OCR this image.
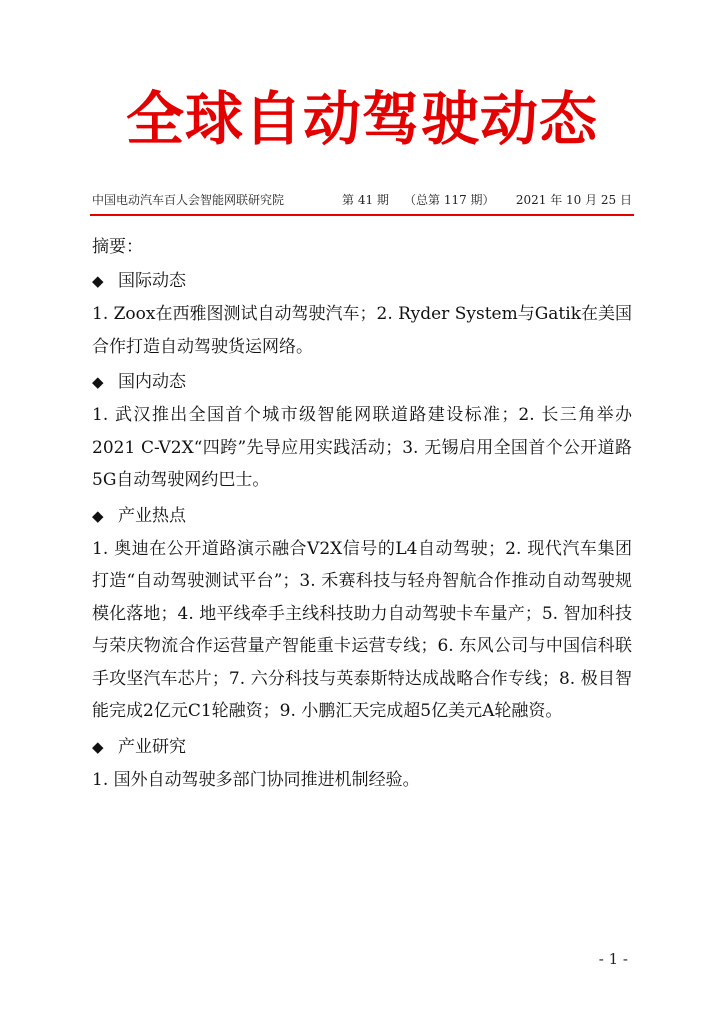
全球自动驾驶动态
中国电动汽车百人会智能网联研究院	第 41 期 （总第 117 期） 2021 年 10 月 25 日

摘要：

◆ 国际动态

1. Zoox在西雅图测试自动驾驶汽车；2. Ryder System与Gatik在美国合作打造自动驾驶货运网络。

◆ 国内动态

1. 武汉推出全国首个城市级智能网联道路建设标准；2. 长三角举办2021 C-V2X“四跨”先导应用实践活动；3. 无锡启用全国首个公开道路5G自动驾驶网约巴士。

◆ 产业热点

1. 奥迪在公开道路演示融合V2X信号的L4自动驾驶；2. 现代汽车集团打造“自动驾驶测试平台”；3. 禾赛科技与轻舟智航合作推动自动驾驶规模化落地；4. 地平线牵手主线科技助力自动驾驶卡车量产；5. 智加科技与荣庆物流合作运营量产智能重卡运营专线；6. 东风公司与中国信科联手攻坚汽车芯片；7. 六分科技与英泰斯特达成战略合作专线；8. 极目智能完成2亿元C1轮融资；9. 小鹏汇天完成超5亿美元A轮融资。

◆ 产业研究

1. 国外自动驾驶多部门协同推进机制经验。

- 1 -
